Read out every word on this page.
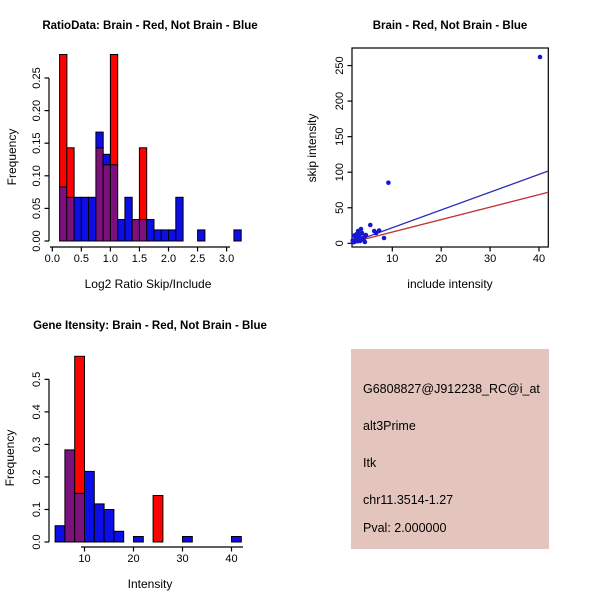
RatioData: Brain - Red, Not Brain - Blue
Log2 Ratio Skip/Include
Frequency
0.0 0.5 1.0 1.5 2.0 2.5 3.0
0.00
0.05
0.10
0.15
0.20
0.25
Brain - Red, Not Brain - Blue
include intensity
skip intensity
10	20	30	40
0
50
100
150
200
250
Gene Itensity: Brain - Red, Not Brain - Blue
Intensity
Frequency
10	20	30	40
0.0
0.1
0.2
0.3
0.4
0.5
G6808827@J912238_RC@i_at
alt3Prime
Itk
chr11.3514-1.27
Pval: 2.000000
